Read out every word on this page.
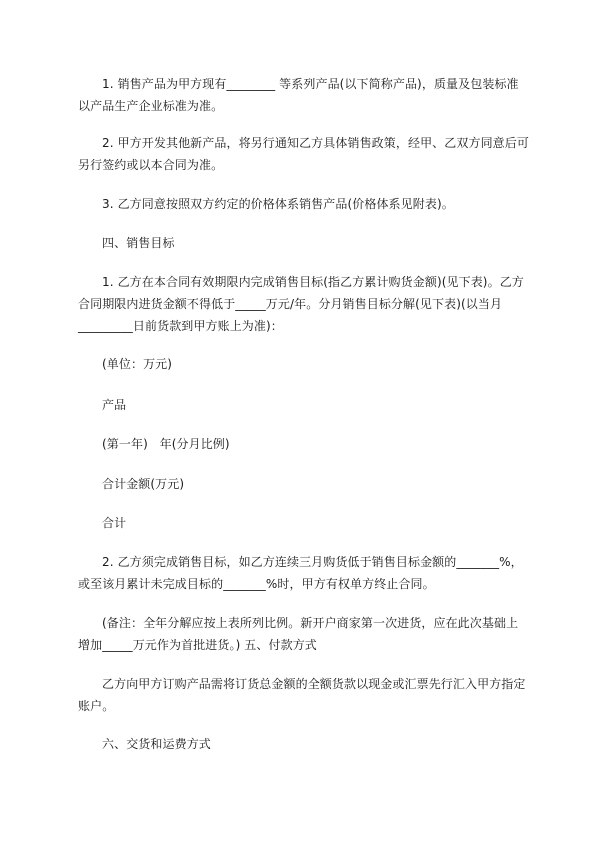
1. 销售产品为甲方现有________ 等系列产品(以下简称产品)，质量及包装标准以产品生产企业标准为准。

2. 甲方开发其他新产品，将另行通知乙方具体销售政策，经甲、乙双方同意后可另行签约或以本合同为准。

3. 乙方同意按照双方约定的价格体系销售产品(价格体系见附表)。

四、销售目标

1. 乙方在本合同有效期限内完成销售目标(指乙方累计购货金额)(见下表)。乙方合同期限内进货金额不得低于_____万元/年。分月销售目标分解(见下表)(以当月_________日前货款到甲方账上为准)：

(单位：万元)

产品

(第一年)   年(分月比例)

合计金额(万元)

合计

2. 乙方须完成销售目标，如乙方连续三月购货低于销售目标金额的_______%，或至该月累计未完成目标的_______%时，甲方有权单方终止合同。

(备注：全年分解应按上表所列比例。新开户商家第一次进货，应在此次基础上增加_____万元作为首批进货。) 五、付款方式

乙方向甲方订购产品需将订货总金额的全额货款以现金或汇票先行汇入甲方指定账户。

六、交货和运费方式
